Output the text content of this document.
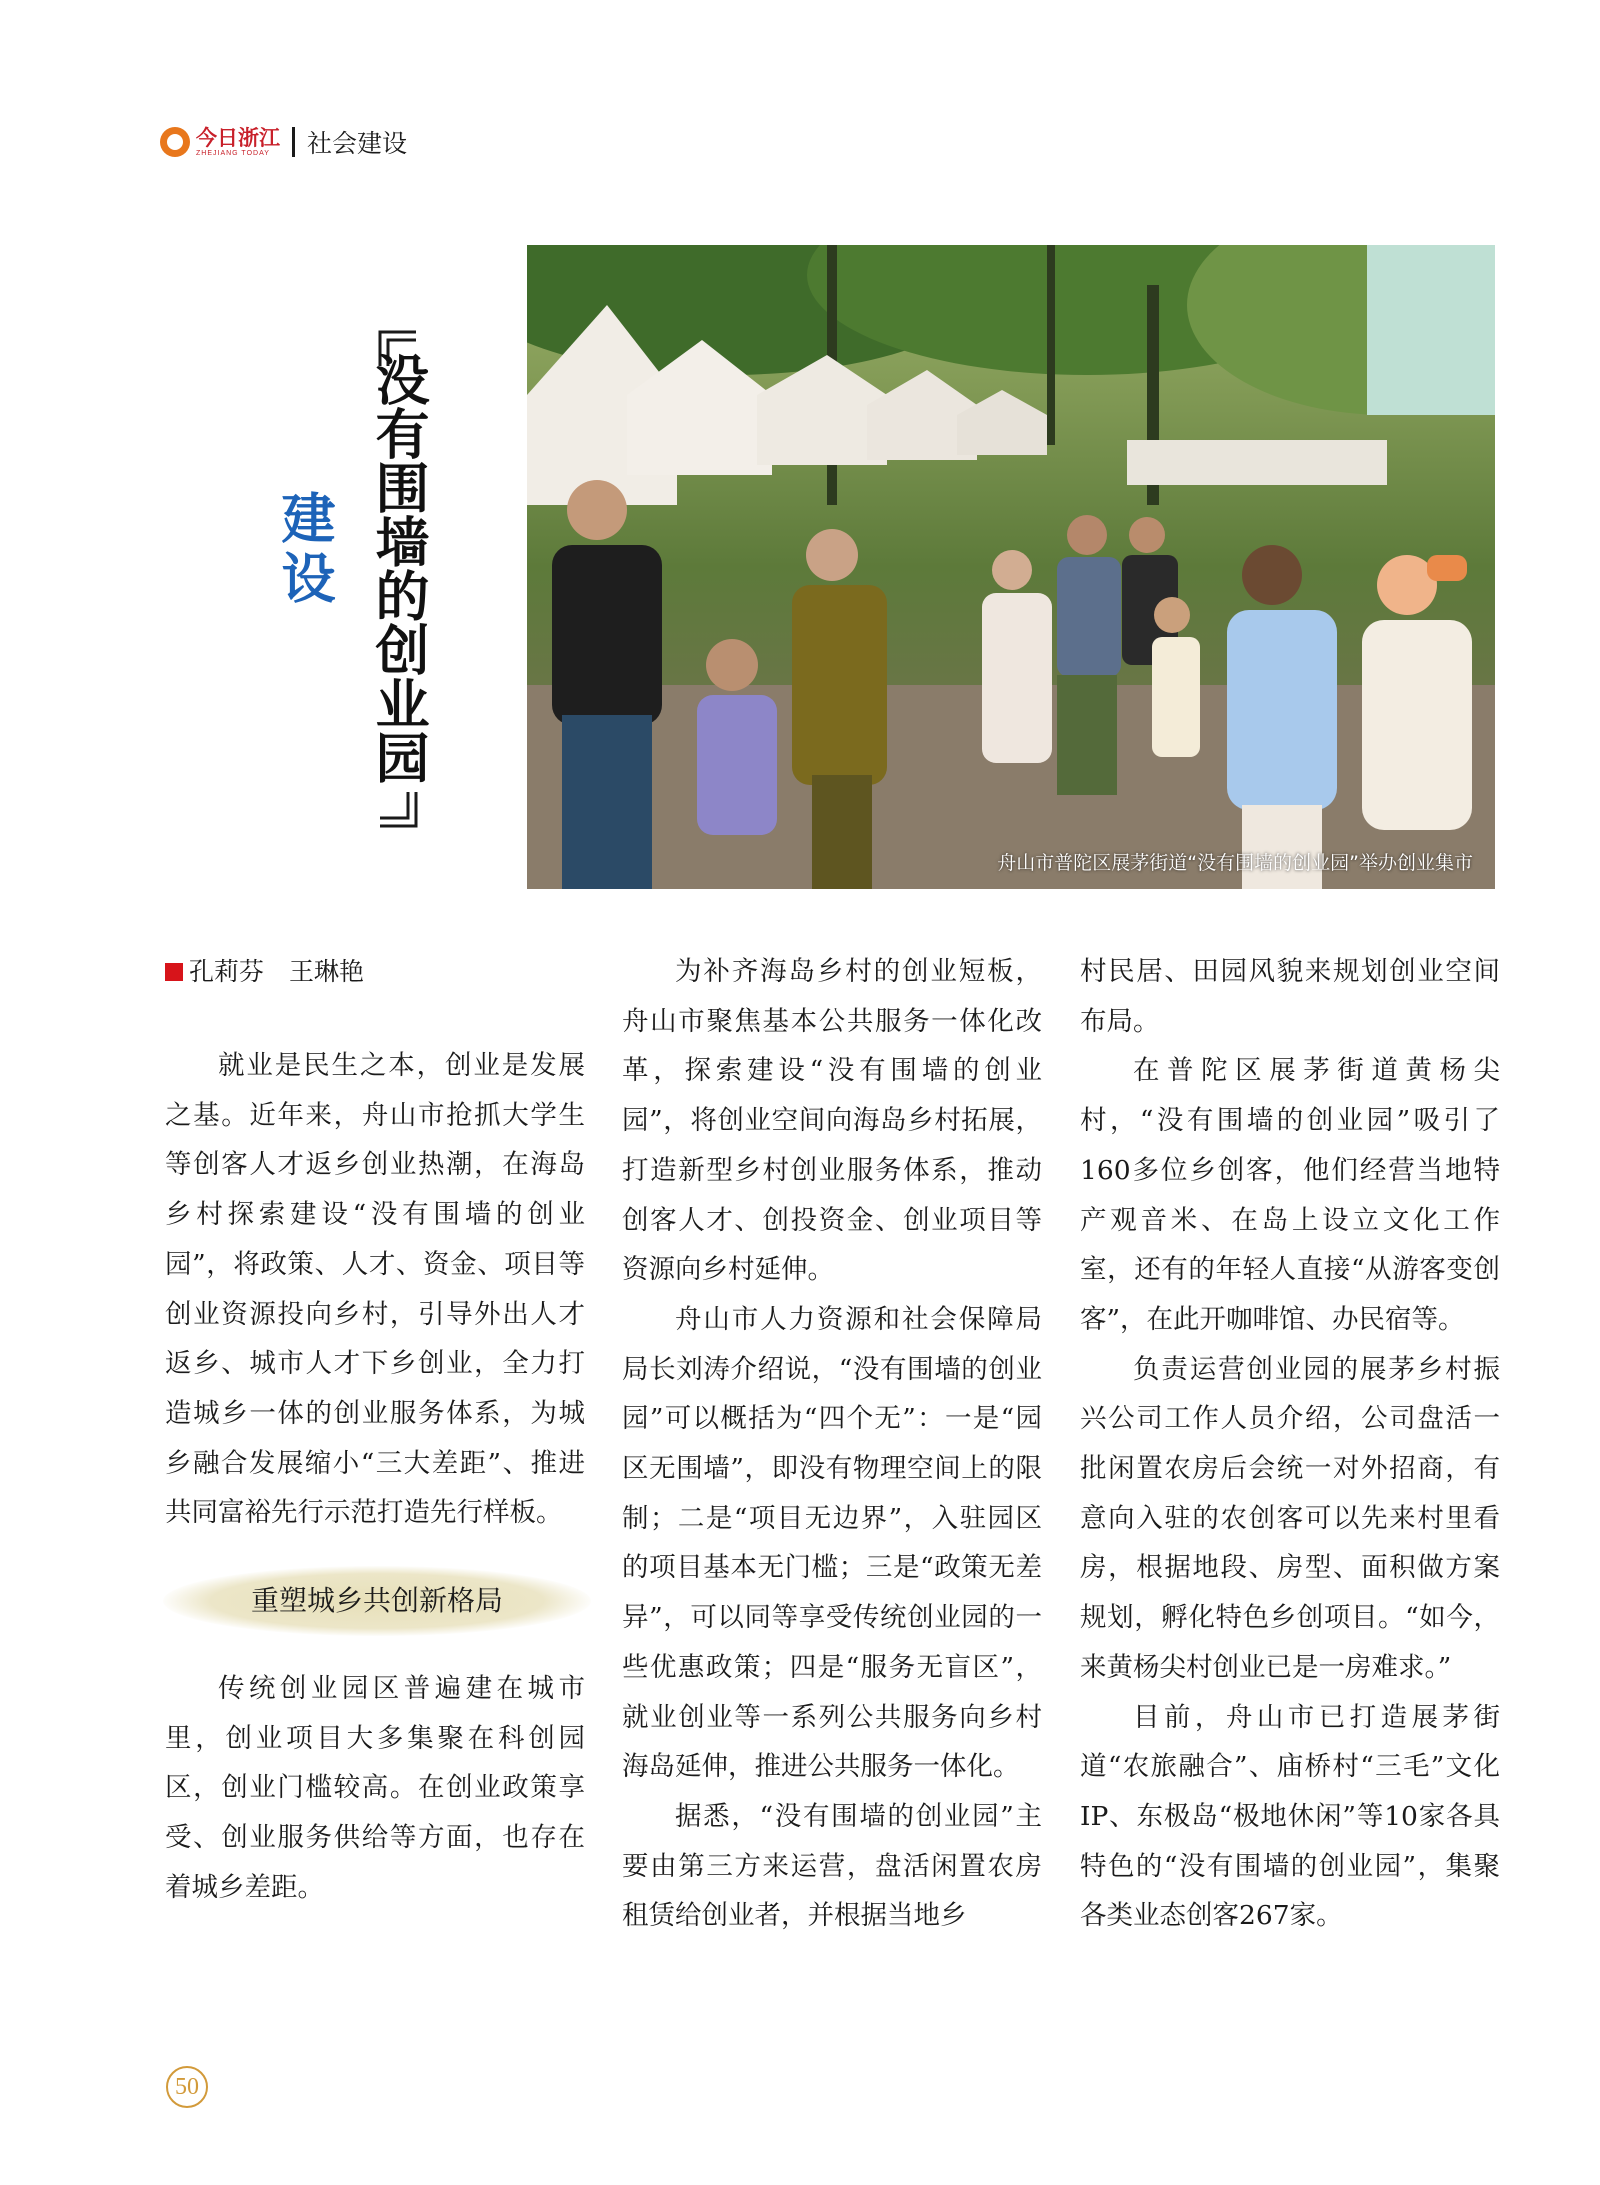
今日浙江
ZHEJIANG TODAY	社会建设
建设 没有围墙的创业园
舟山市普陀区展茅街道“没有围墙的创业园”举办创业集市
孔莉芬　王琳艳

就业是民生之本，创业是发展之基。近年来，舟山市抢抓大学生等创客人才返乡创业热潮，在海岛乡村探索建设“没有围墙的创业园”，将政策、人才、资金、项目等创业资源投向乡村，引导外出人才返乡、城市人才下乡创业，全力打造城乡一体的创业服务体系，为城乡融合发展缩小“三大差距”、推进共同富裕先行示范打造先行样板。

重塑城乡共创新格局

传统创业园区普遍建在城市里，创业项目大多集聚在科创园区，创业门槛较高。在创业政策享受、创业服务供给等方面，也存在着城乡差距。

为补齐海岛乡村的创业短板，舟山市聚焦基本公共服务一体化改革，探索建设“没有围墙的创业园”，将创业空间向海岛乡村拓展，打造新型乡村创业服务体系，推动创客人才、创投资金、创业项目等资源向乡村延伸。

舟山市人力资源和社会保障局局长刘涛介绍说，“没有围墙的创业园”可以概括为“四个无”：一是“园区无围墙”，即没有物理空间上的限制；二是“项目无边界”，入驻园区的项目基本无门槛；三是“政策无差异”，可以同等享受传统创业园的一些优惠政策；四是“服务无盲区”，就业创业等一系列公共服务向乡村海岛延伸，推进公共服务一体化。

据悉，“没有围墙的创业园”主要由第三方来运营，盘活闲置农房租赁给创业者，并根据当地乡

村民居、田园风貌来规划创业空间布局。

在普陀区展茅街道黄杨尖村，“没有围墙的创业园”吸引了160多位乡创客，他们经营当地特产观音米、在岛上设立文化工作室，还有的年轻人直接“从游客变创客”，在此开咖啡馆、办民宿等。

负责运营创业园的展茅乡村振兴公司工作人员介绍，公司盘活一批闲置农房后会统一对外招商，有意向入驻的农创客可以先来村里看房，根据地段、房型、面积做方案规划，孵化特色乡创项目。“如今，来黄杨尖村创业已是一房难求。”

目前，舟山市已打造展茅街道“农旅融合”、庙桥村“三毛”文化IP、东极岛“极地休闲”等10家各具特色的“没有围墙的创业园”，集聚各类业态创客267家。

50
